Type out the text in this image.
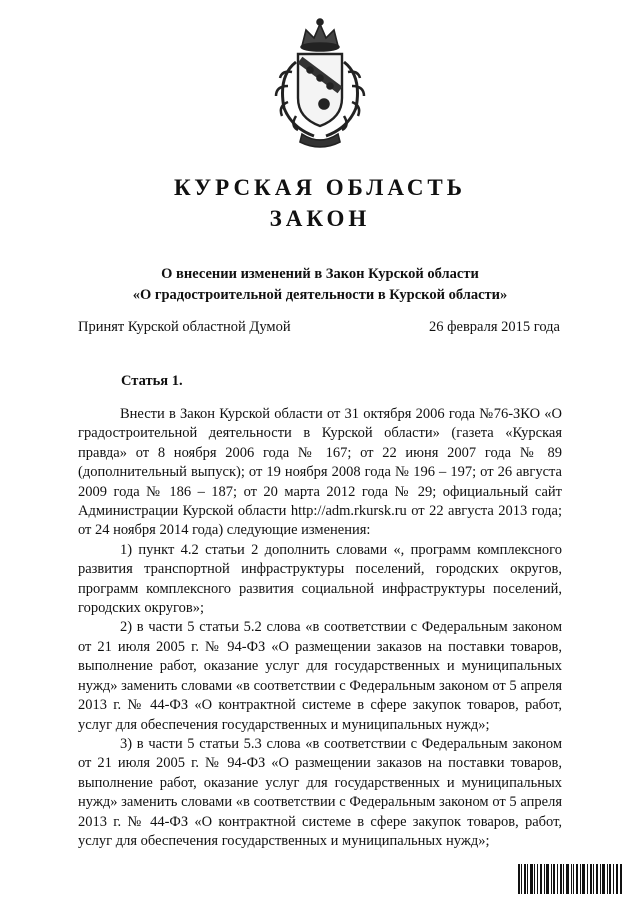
КУРСКАЯ ОБЛАСТЬ
ЗАКОН
О внесении изменений в Закон Курской области
«О градостроительной деятельности в Курской области»
Принят Курской областной Думой	26 февраля 2015 года
Статья 1.

Внести в Закон Курской области от 31 октября 2006 года №76-ЗКО «О градостроительной деятельности в Курской области» (газета «Курская правда» от 8 ноября 2006 года № 167; от 22 июня 2007 года № 89 (дополнительный выпуск); от 19 ноября 2008 года № 196 – 197; от 26 августа 2009 года № 186 – 187; от 20 марта 2012 года № 29; официальный сайт Администрации Курской области http://adm.rkursk.ru от 22 августа 2013 года; от 24 ноября 2014 года) следующие изменения:

1) пункт 4.2 статьи 2 дополнить словами «, программ комплексного развития транспортной инфраструктуры поселений, городских округов, программ комплексного развития социальной инфраструктуры поселений, городских округов»;

2) в части 5 статьи 5.2 слова «в соответствии с Федеральным законом от 21 июля 2005 г. № 94-ФЗ «О размещении заказов на поставки товаров, выполнение работ, оказание услуг для государственных и муниципальных нужд» заменить словами «в соответствии с Федеральным законом от 5 апреля 2013 г. № 44-ФЗ «О контрактной системе в сфере закупок товаров, работ, услуг для обеспечения государственных и муниципальных нужд»;

3) в части 5 статьи 5.3 слова «в соответствии с Федеральным законом от 21 июля 2005 г. № 94-ФЗ «О размещении заказов на поставки товаров, выполнение работ, оказание услуг для государственных и муниципальных нужд» заменить словами «в соответствии с Федеральным законом от 5 апреля 2013 г. № 44-ФЗ «О контрактной системе в сфере закупок товаров, работ, услуг для обеспечения государственных и муниципальных нужд»;
